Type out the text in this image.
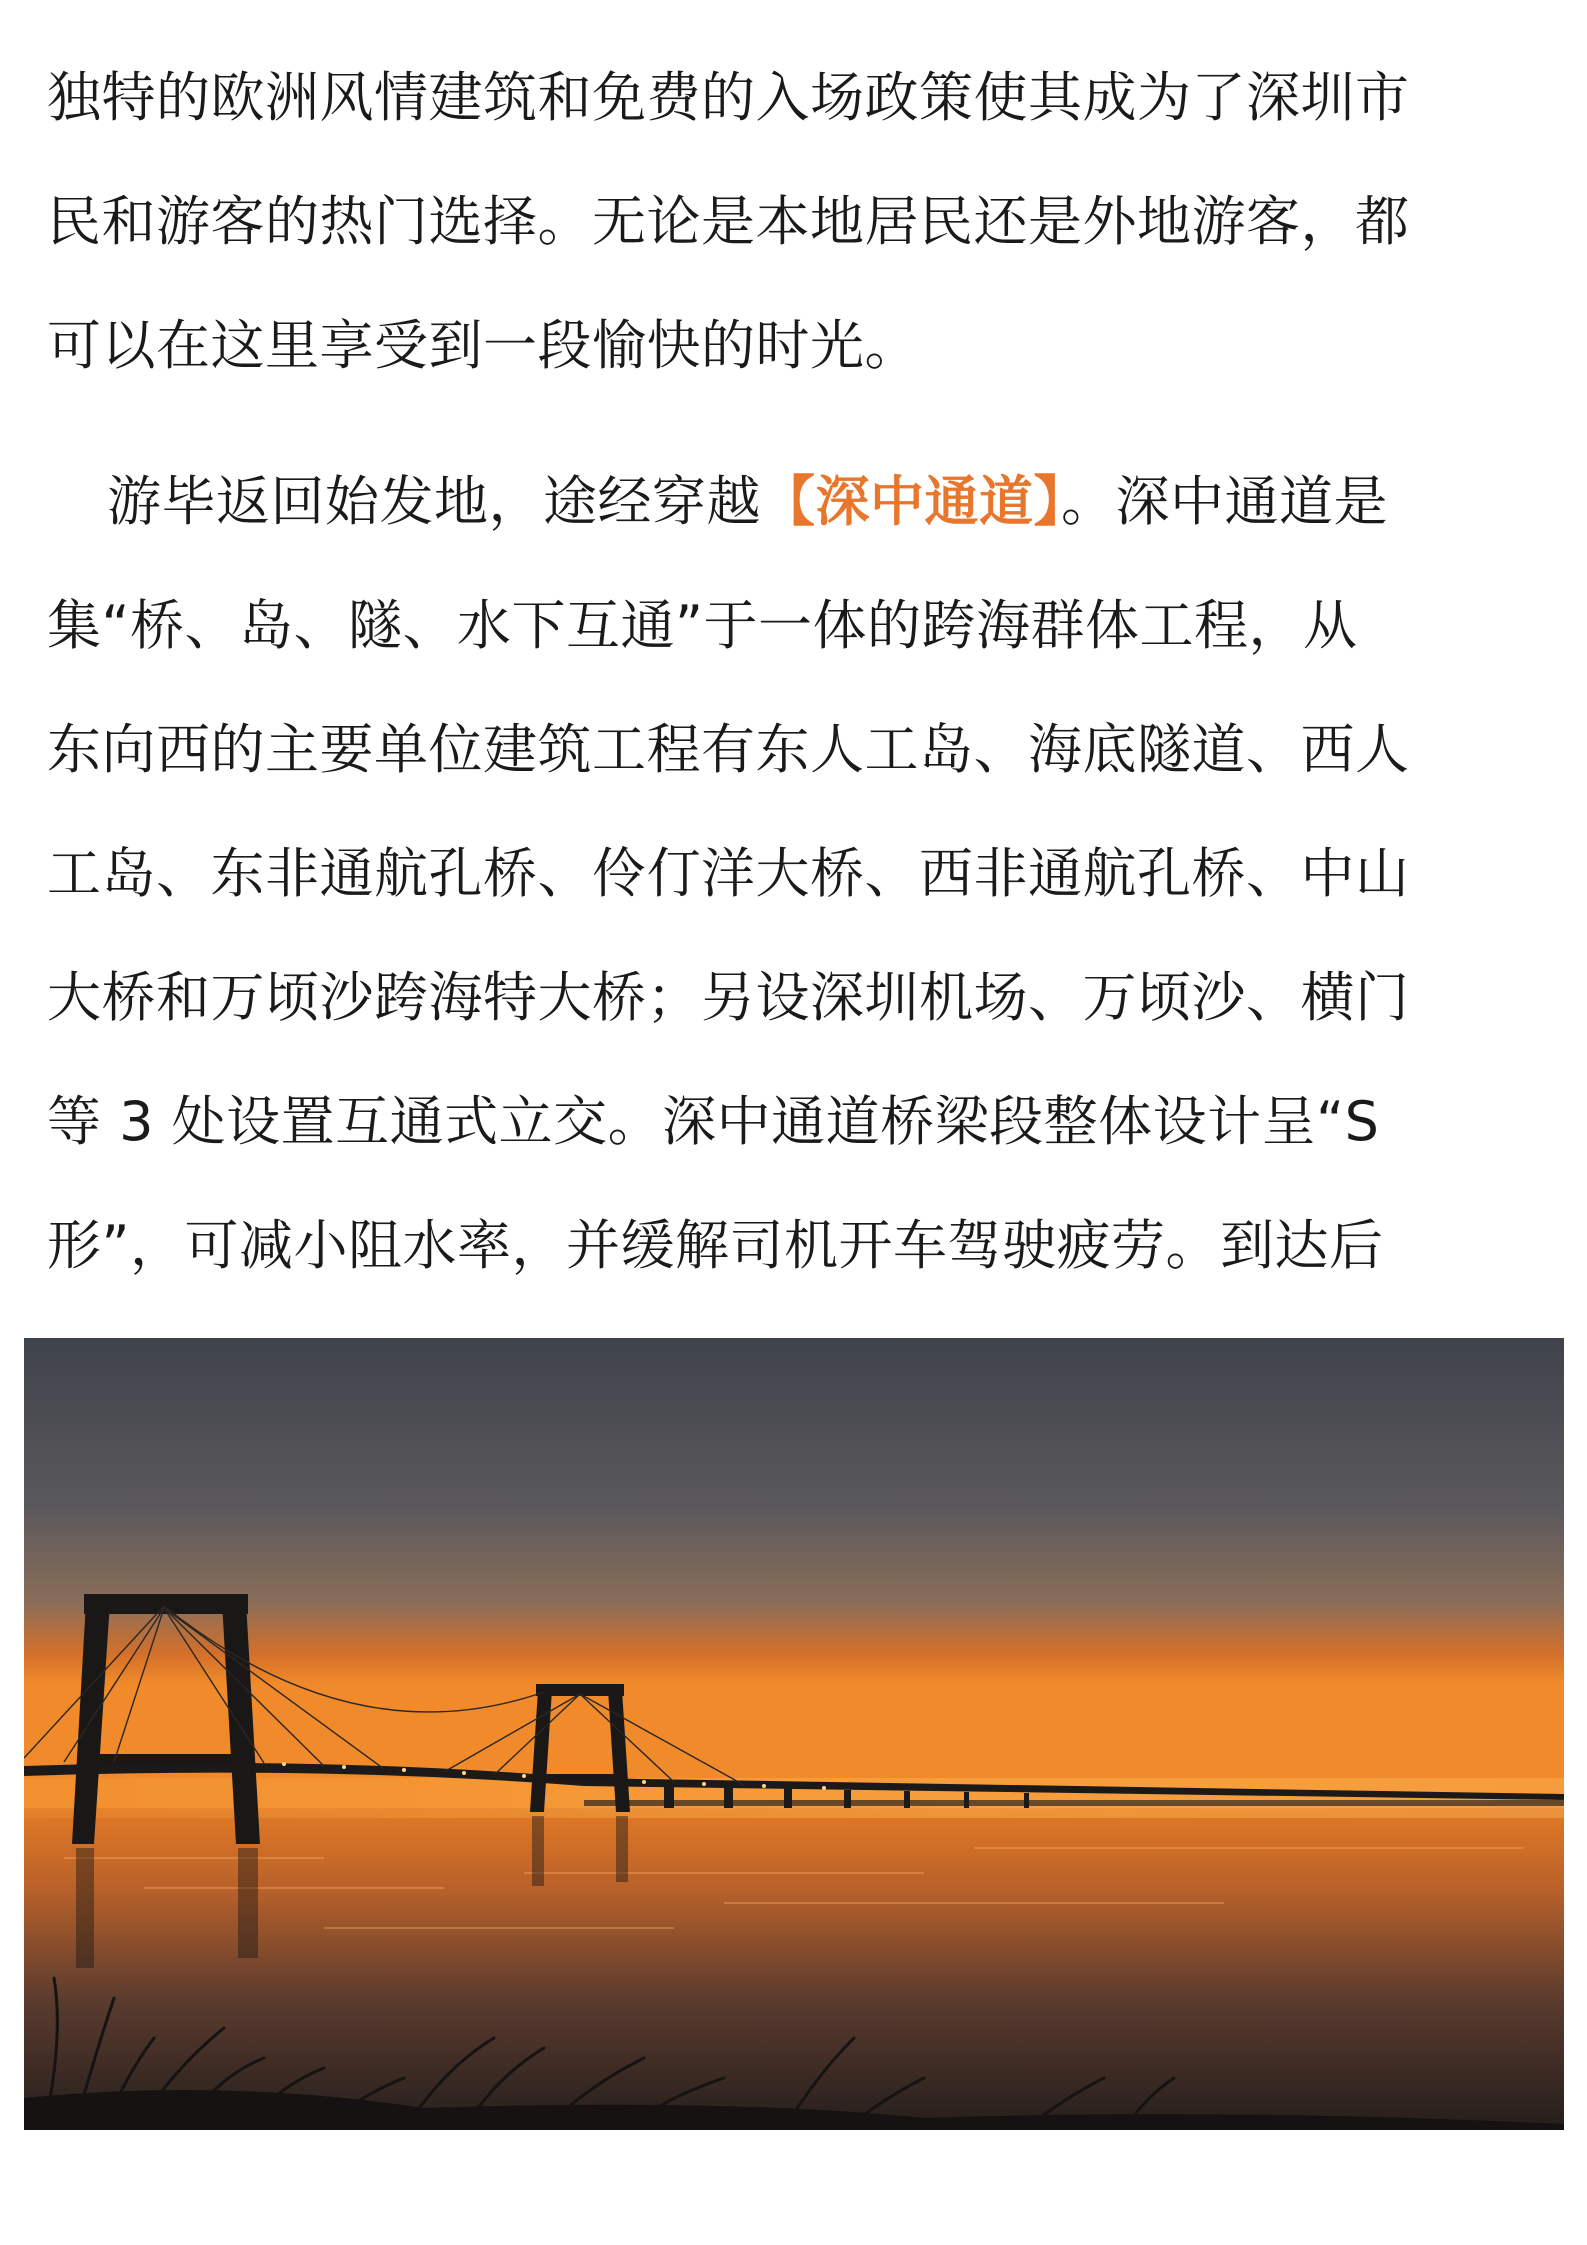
独特的欧洲风情建筑和免费的入场政策使其成为了深圳市
民和游客的热门选择。无论是本地居民还是外地游客，都
可以在这里享受到一段愉快的时光。

游毕返回始发地，途经穿越【深中通道】。深中通道是
集“桥、岛、隧、水下互通”于一体的跨海群体工程，从
东向西的主要单位建筑工程有东人工岛、海底隧道、西人
工岛、东非通航孔桥、伶仃洋大桥、西非通航孔桥、中山
大桥和万顷沙跨海特大桥；另设深圳机场、万顷沙、横门
等 3 处设置互通式立交。深中通道桥梁段整体设计呈“S
形”，可减小阻水率，并缓解司机开车驾驶疲劳。到达后
